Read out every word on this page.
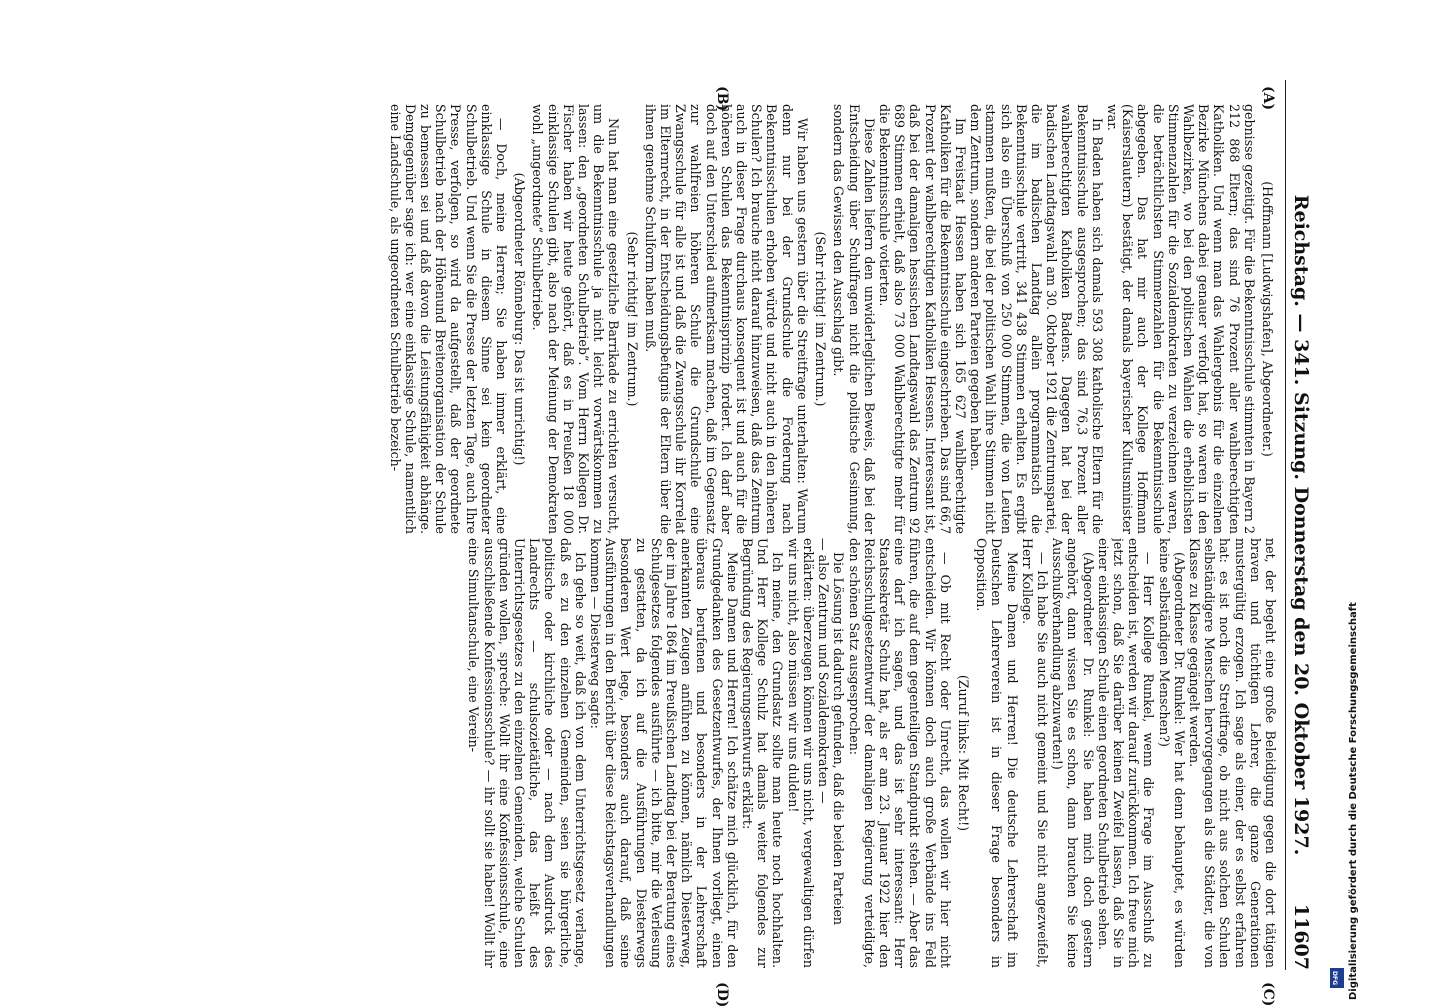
Reichstag. — 341. Sitzung. Donnerstag den 20. Oktober 1927.
11607
(A)
(B)
(C)
(D)

(Hoffmann [Ludwigshafen], Abgeordneter.)

gebnisse gezeitigt. Für die Bekenntnisschule stimmten in Bayern 2 212 868 Eltern; das sind 76 Prozent aller wahlberechtigten Katholiken. Und wenn man das Wahlergebnis für die einzelnen Bezirke Münchens dabei genauer verfolgt hat, so waren in den Wahlbezirken, wo bei den politischen Wahlen die erheblichsten Stimmenzahlen für die Sozialdemokraten zu verzeichnen waren, die beträchtlichsten Stimmenzahlen für die Bekenntnisschule abgegeben. Das hat mir auch der Kollege Hoffmann (Kaiserslautern) bestätigt, der damals bayerischer Kultusminister war.

In Baden haben sich damals 593 308 katholische Eltern für die Bekenntnisschule ausgesprochen; das sind 76,3 Prozent aller wahlberechtigten Katholiken Badens. Dagegen hat bei der badischen Landtagswahl am 30. Oktober 1921 die Zentrumspartei, die im badischen Landtag allein programmatisch die Bekenntnisschule vertritt, 341 438 Stimmen erhalten. Es ergibt sich also ein Überschuß von 250 000 Stimmen, die von Leuten stammen mußten, die bei der politischen Wahl ihre Stimmen nicht dem Zentrum, sondern anderen Parteien gegeben haben.

Im Freistaat Hessen haben sich 165 627 wahlberechtigte Katholiken für die Bekenntnisschule eingeschrieben. Das sind 66,7 Prozent der wahlberechtigten Katholiken Hessens. Interessant ist, daß bei der damaligen hessischen Landtagswahl das Zentrum 92 689 Stimmen erhielt, daß also 73 000 Wahlberechtigte mehr für die Bekenntnisschule votierten.

Diese Zahlen liefern den unwiderleglichen Beweis, daß bei der Entscheidung über Schulfragen nicht die politische Gesinnung, sondern das Gewissen den Ausschlag gibt.

(Sehr richtig! im Zentrum.)

Wir haben uns gestern über die Streitfrage unterhalten: Warum denn nur bei der Grundschule die Forderung nach Bekenntnisschulen erhoben würde und nicht auch in den höheren Schulen? Ich brauche nicht darauf hinzuweisen, daß das Zentrum auch in dieser Frage durchaus konsequent ist und auch für die höheren Schulen das Bekenntnisprinzip fordert. Ich darf aber doch auf den Unterschied aufmerksam machen, daß im Gegensatz zur wahlfreien höheren Schule die Grundschule eine Zwangsschule für alle ist und daß die Zwangsschule ihr Korrelat im Elternrecht, in der Entscheidungsbefugnis der Eltern über die ihnen genehme Schulform haben muß.

(Sehr richtig! im Zentrum.)

Nun hat man eine gesetzliche Barrikade zu errichten versucht, um die Bekenntnisschule ja nicht leicht vorwärtskommen zu lassen: den „geordneten Schulbetrieb“. Vom Herrn Kollegen Dr. Fischer haben wir heute gehört, daß es in Preußen 18 000 einklassige Schulen gibt, also nach der Meinung der Demokraten wohl „ungeordnete“ Schulbetriebe.

(Abgeordneter Rönneburg: Das ist unrichtig!)

— Doch, meine Herren; Sie haben immer erklärt, eine einklassige Schule in diesem Sinne sei kein geordneter Schulbetrieb. Und wenn Sie die Presse der letzten Tage, auch Ihre Presse, verfolgen, so wird da aufgestellt, daß der geordnete Schulbetrieb nach der Höhenund Breitenorganisation der Schule zu bemessen sei und daß davon die Leistungsfähigkeit abhänge. Demgegenüber sage ich: wer eine einklassige Schule, namentlich eine Landschule, als ungeordneten Schulbetrieb bezeich-

net, der begeht eine große Beleidigung gegen die dort tätigen braven und tüchtigen Lehrer, die ganze Generationen mustergültig erzogen. Ich sage als einer, der es selbst erfahren hat: es ist noch die Streitfrage, ob nicht aus solchen Schulen selbständigere Menschen hervorgegangen als die Städter, die von Klasse zu Klasse gegängelt werden.

(Abgeordneter Dr. Runkel: Wer hat denn behauptet, es würden keine selbständigen Menschen?)

— Herr Kollege Runkel, wenn die Frage im Ausschuß zu entscheiden ist, werden wir darauf zurückkommen. Ich freue mich jetzt schon, daß Sie darüber keinen Zweifel lassen, daß Sie in einer einklassigen Schule einen geordneten Schulbetrieb sehen.

(Abgeordneter Dr. Runkel: Sie haben mich doch gestern angehört, dann wissen Sie es schon, dann brauchen Sie keine Ausschußverhandlung abzuwarten!)

— Ich habe Sie auch nicht gemeint und Sie nicht angezweifelt, Herr Kollege.

Meine Damen und Herren! Die deutsche Lehrerschaft im Deutschen Lehrerverein ist in dieser Frage besonders in Opposition.

(Zuruf links: Mit Recht!)

— Ob mit Recht oder Unrecht, das wollen wir hier nicht entscheiden. Wir können doch auch große Verbände ins Feld führen, die auf dem gegenteiligen Standpunkt stehen. — Aber das eine darf ich sagen, und das ist sehr interessant: Herr Staatssekretär Schulz hat, als er am 23. Januar 1922 hier den Reichsschulgesetzentwurf der damaligen Regierung verteidigte, den schönen Satz ausgesprochen:

Die Lösung ist dadurch gefunden, daß die beiden Parteien

— also Zentrum und Sozialdemokraten —

erklärten: überzeugen können wir uns nicht, vergewaltigen dürfen wir uns nicht, also müssen wir uns dulden!

Ich meine, den Grundsatz sollte man heute noch hochhalten. Und Herr Kollege Schulz hat damals weiter folgendes zur Begründung des Regierungsentwurfs erklärt:

Meine Damen und Herren! Ich schätze mich glücklich, für den Grundgedanken des Gesetzentwurfes, der Ihnen vorliegt, einen überaus berufenen und besonders in der Lehrerschaft anerkannten Zeugen anführen zu können, nämlich Diesterweg, der im Jahre 1864 im Preußischen Landtag bei der Beratung eines Schulgesetzes folgendes ausführte — ich bitte, mir die Verlesung zu gestatten, da ich auf die Ausführungen Diesterwegs besonderen Wert lege, besonders auch darauf, daß seine Ausführungen in den Bericht über diese Reichstagsverhandlungen kommen — Diesterweg sagte:

Ich gehe so weit, daß ich von dem Unterrichtsgesetz verlange, daß es zu den einzelnen Gemeinden, seien sie bürgerliche, politische oder kirchliche oder — nach dem Ausdruck des Landrechts — schulsozietätliche, das heißt des Unterrichtsgesetzes zu den einzelnen Gemeinden, welche Schulen gründen wollen, spreche: Wollt ihr eine Konfessionsschule, eine ausschließende Konfessionsschule? — ihr sollt sie haben! Wollt ihr eine Simultanschule, eine Verein-

DFG	Digitalisierung gefördert durch die Deutsche Forschungsgemeinschaft
